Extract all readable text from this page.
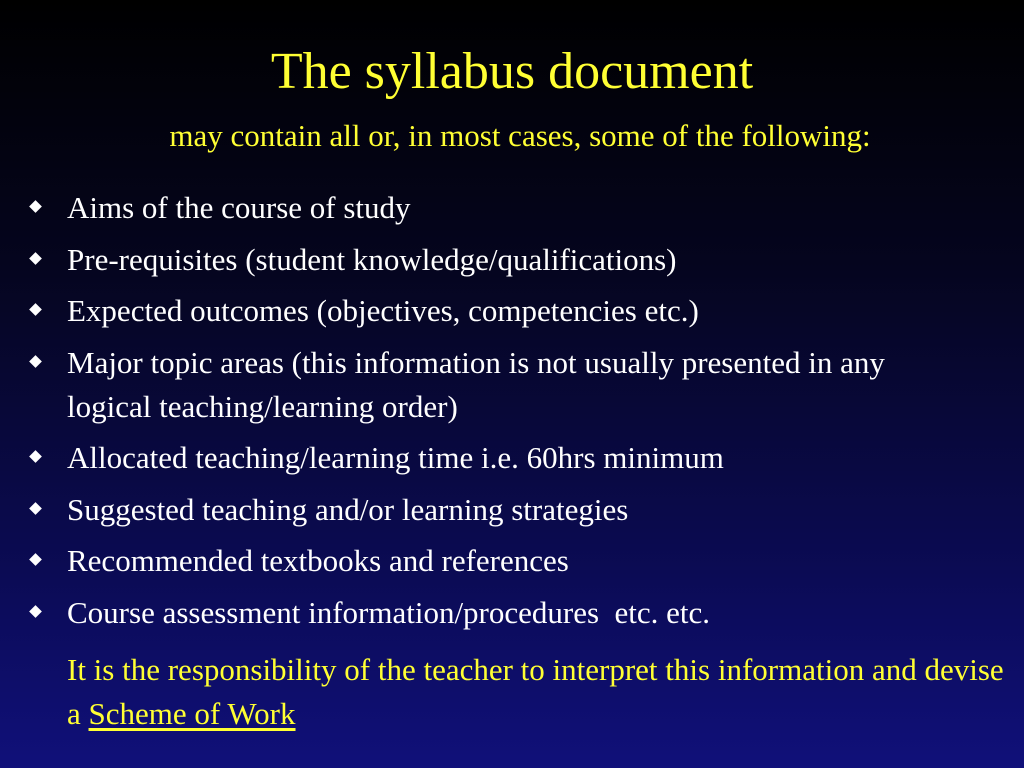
The syllabus document
may contain all or, in most cases, some of the following:
Aims of the course of study
Pre-requisites (student knowledge/qualifications)
Expected outcomes (objectives, competencies etc.)
Major topic areas (this information is not usually presented in any logical teaching/learning order)
Allocated teaching/learning time i.e. 60hrs minimum
Suggested teaching and/or learning strategies
Recommended textbooks and references
Course assessment information/procedures  etc. etc.

It is the responsibility of the teacher to interpret this information and devise a Scheme of Work
